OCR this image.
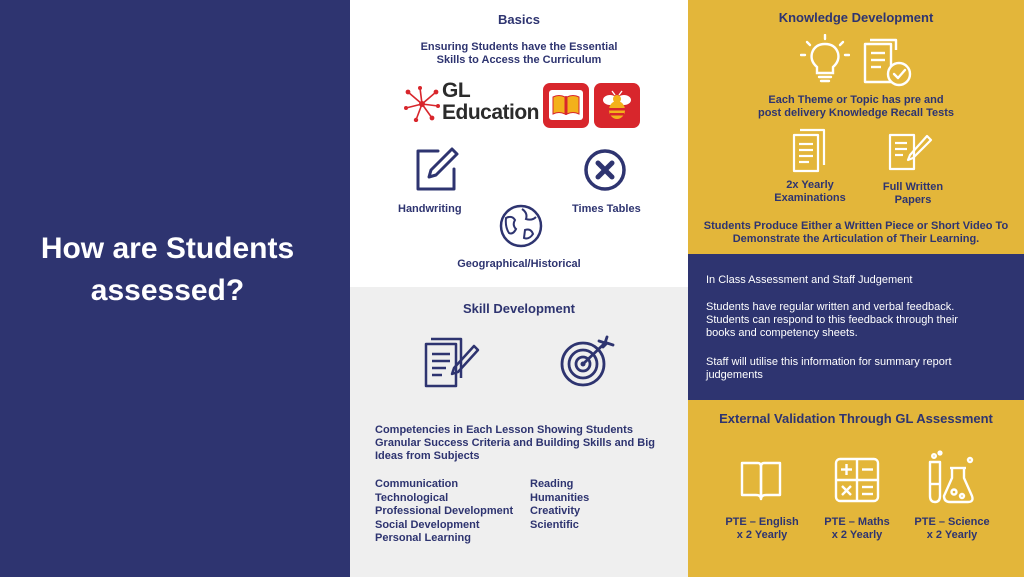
How are Students assessed?
Basics
Ensuring Students have the Essential
Skills to Access the Curriculum
GL
Education
Handwriting	Times Tables
Geographical/Historical
Skill Development
Competencies in Each Lesson Showing Students
Granular Success Criteria and Building Skills and Big
Ideas from Subjects
Communication
Technological
Professional Development
Social Development
Personal Learning
Reading
Humanities
Creativity
Scientific
Knowledge Development
Each Theme or Topic has pre and
post delivery Knowledge Recall Tests
2x Yearly
Examinations
Full Written
Papers
Students Produce Either a Written Piece or Short Video To
Demonstrate the Articulation of Their Learning.
In Class Assessment and Staff Judgement
Students have regular written and verbal feedback.
Students can respond to this feedback through their
books and competency sheets.
Staff will utilise this information for summary report
judgements
External Validation Through GL Assessment
PTE – English
x 2 Yearly
PTE – Maths
x 2 Yearly
PTE – Science
x 2 Yearly
